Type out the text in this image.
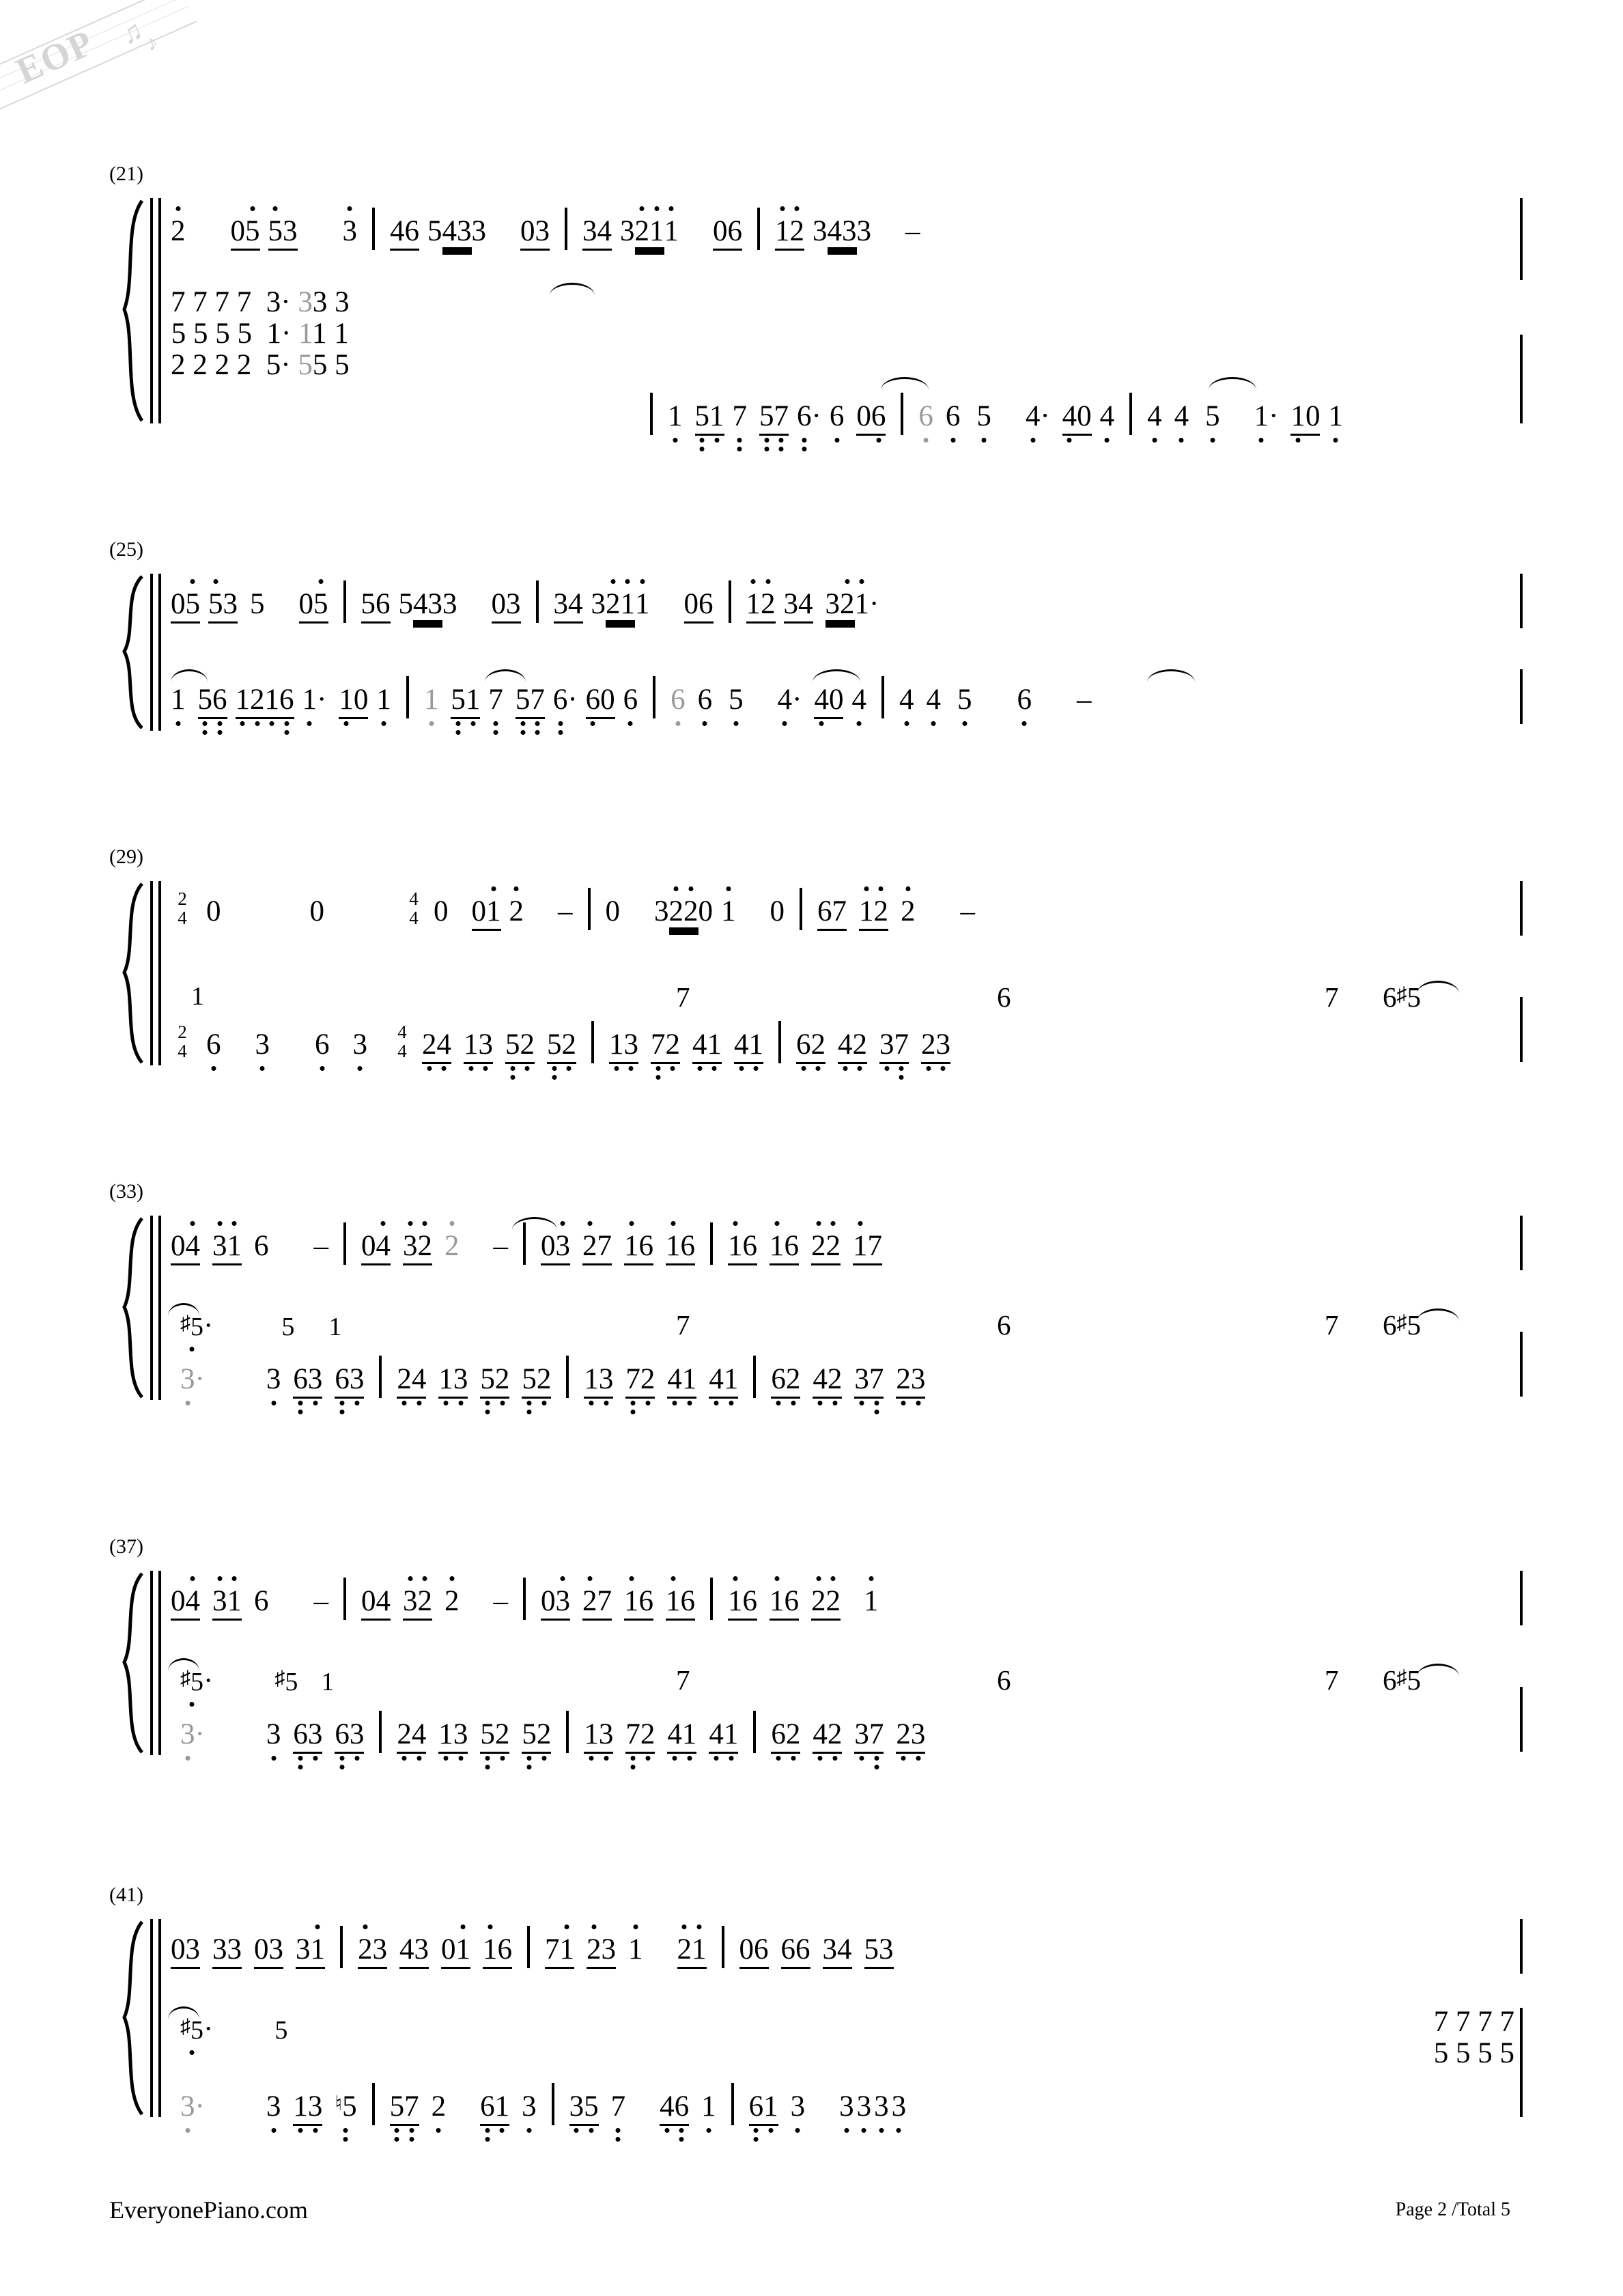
EOP ♫
♪
(21)
2 05 5
3 3 46 5433 03 34 32
1
1 06 1
2 3433 –
7 7 7 7  3· 33 3
5 5 5 5  1· 11 1
2 2 2 2  5· 55 5
1 5
1 7 5
7 6
· 6 06 6 6 5 4
· 4
0 4 4 4 5 1
· 1
0 1
(25)
05 5
3 5 05 56 5433 03 34 32
1
1 06 1
2 34 32
1
·
1 5
6 1
2
1
6 1
· 1
0 1 1 5
1 7 5
7 6
· 6
0 6 6 6 5 4
· 4
0 4 4 4 5 6 –
(29)
2
4 0	0	4
4 0 01 2 – 0 32
2
0 1 0 67 1
2 2 –
1	7	6	7 6♯5
2
4 6 3 6 3
	4
4 2
4 1
3 5
2 5
2 1
3 7
2 4
1 4
1 6
2 4
2 3
7 2
3
(33)
04 3
1 6 – 04 3
2 2 – 03 2
7 1
6 1
6 1
6 1
6 2
2 1
7
♯5
·	5 1	7	6	7 6♯5
3
· 3 6
3 6
3 2
4 1
3 5
2 5
2 1
3 7
2 4
1 4
1 6
2 4
2 3
7 2
3
(37)
04 3
1 6 – 04 3
2 2 – 03 2
7 1
6 1
6 1
6 1
6 2
2 1
♯5
·	♯5 1	7	6	7 6♯5
3
· 3 6
3 6
3 2
4 1
3 5
2 5
2 1
3 7
2 4
1 4
1 6
2 4
2 3
7 2
3
(41)
03 33 03 31 2
3 43 01 1
6 71 2
3 1 2
1 06 66 34 53
♯5
· 5	7 7 7 7
5 5 5 5
3
· 3 1
3 ♮5 5
7 2 6
1 3 3
5 7 4
6 1 6
1 3 3
3
3
3
EveryonePiano.com	Page 2 /Total 5
